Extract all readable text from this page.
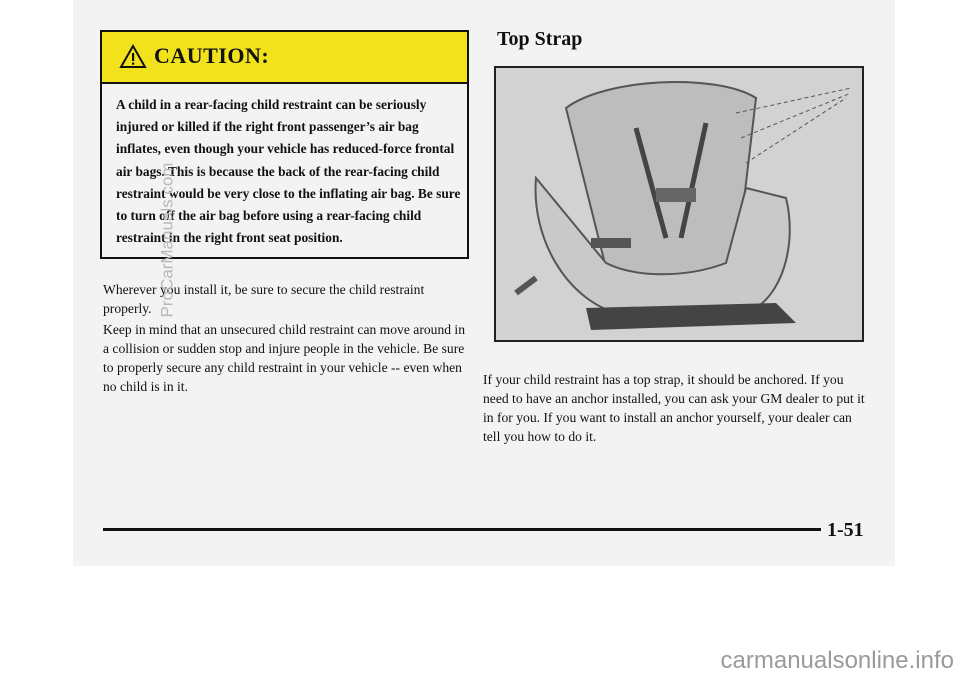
CAUTION:
A child in a rear-facing child restraint can be seriously injured or killed if the right front passenger’s air bag inflates, even though your vehicle has reduced-force frontal air bags. This is because the back of the rear-facing child restraint would be very close to the inflating air bag. Be sure to turn off the air bag before using a rear-facing child restraint in the right front seat position.
Wherever you install it, be sure to secure the child restraint properly.
Keep in mind that an unsecured child restraint can move around in a collision or sudden stop and injure people in the vehicle. Be sure to properly secure any child restraint in your vehicle -- even when no child is in it.
Top Strap
If your child restraint has a top strap, it should be anchored. If you need to have an anchor installed, you can ask your GM dealer to put it in for you. If you want to install an anchor yourself, your dealer can tell you how to do it.
1-51
ProCarManuals.com
carmanualsonline.info
